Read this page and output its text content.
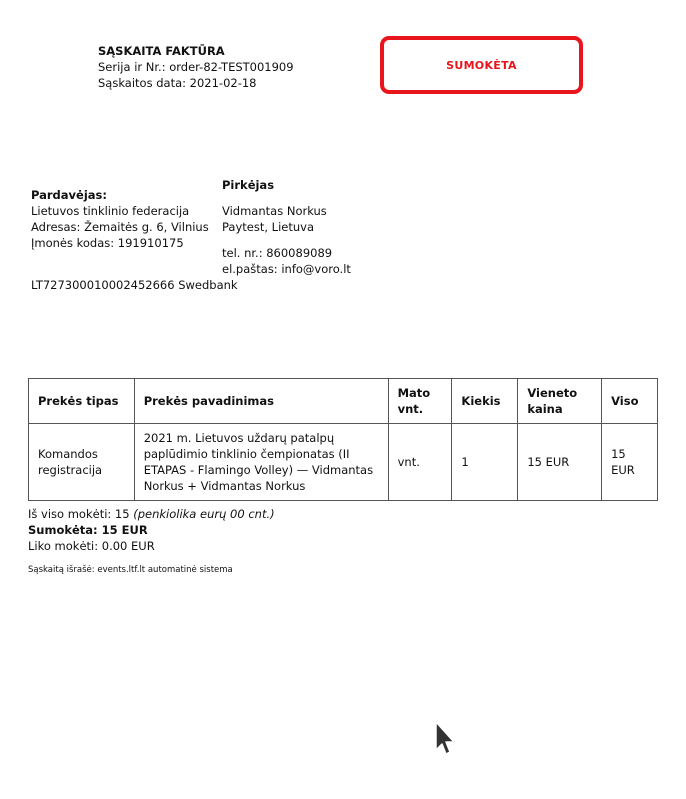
SUMOKĖTA
SĄSKAITA FAKTŪRA
Serija ir Nr.: order-82-TEST001909
Sąskaitos data: 2021-02-18
Pardavėjas:
Lietuvos tinklinio federacija
Adresas: Žemaitės g. 6, Vilnius
Įmonės kodas: 191910175
LT727300010002452666 Swedbank
Pirkėjas
Vidmantas Norkus
Paytest, Lietuva
tel. nr.: 860089089
el.paštas: info@voro.lt
Prekės tipas	Prekės pavadinimas	Mato vnt.	Kiekis	Vieneto kaina	Viso
Komandos registracija	2021 m. Lietuvos uždarų patalpų paplūdimio tinklinio čempionatas (II ETAPAS - Flamingo Volley) — Vidmantas Norkus + Vidmantas Norkus	vnt.	1	15 EUR	15 EUR
Iš viso mokėti: 15 (penkiolika eurų 00 cnt.)
Sumokėta: 15 EUR
Liko mokėti: 0.00 EUR
Sąskaitą išrašė: events.ltf.lt automatinė sistema
